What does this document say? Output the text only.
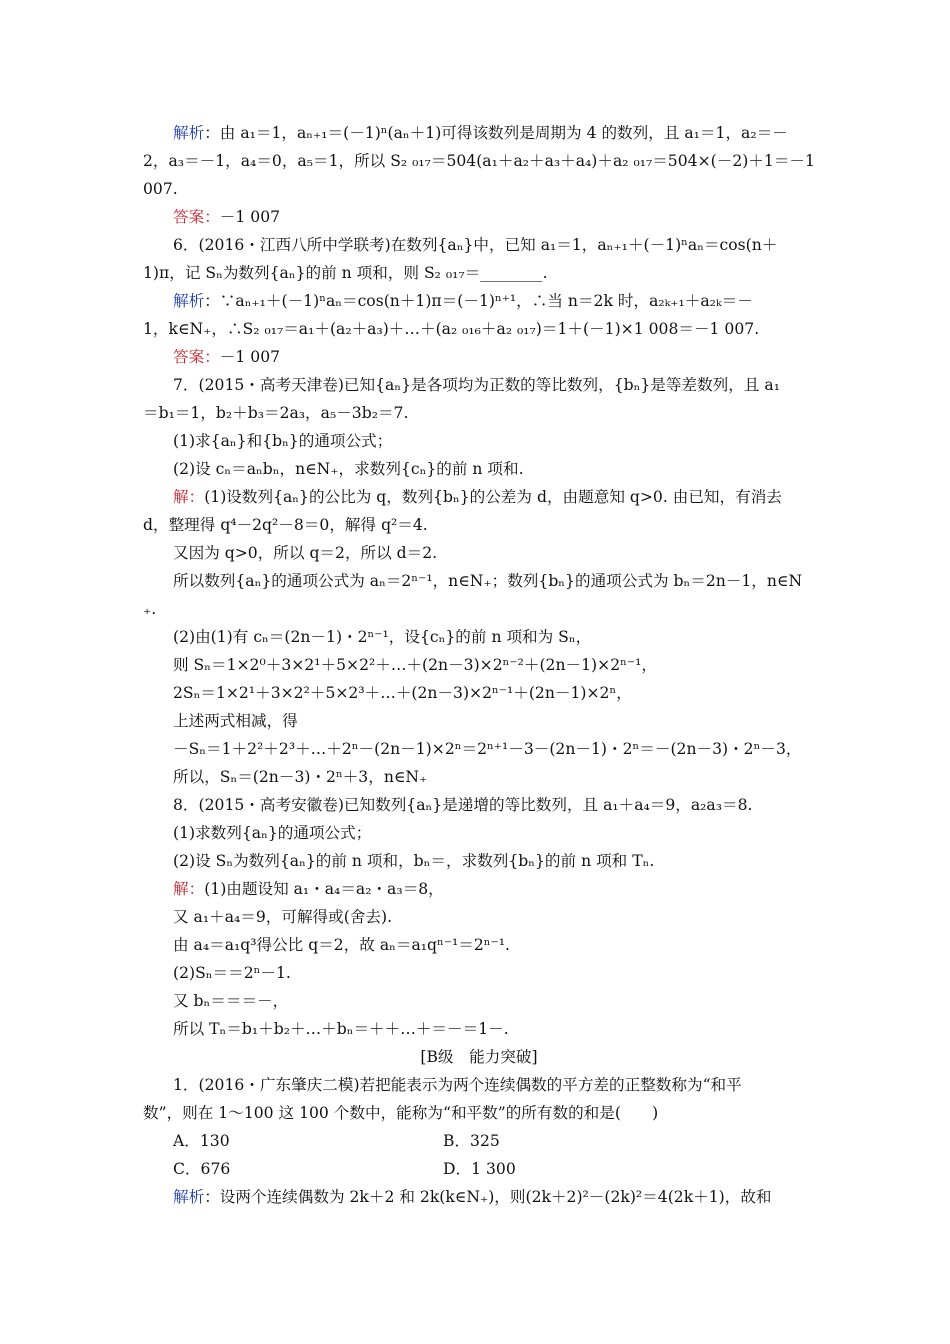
解析：由 a₁＝1，aₙ₊₁＝(－1)ⁿ(aₙ＋1)可得该数列是周期为 4 的数列，且 a₁＝1，a₂＝－
2，a₃＝－1，a₄＝0，a₅＝1，所以 S₂ ₀₁₇＝504(a₁＋a₂＋a₃＋a₄)＋a₂ ₀₁₇＝504×(－2)＋1＝－1
007.
答案：－1 007
6．(2016・江西八所中学联考)在数列{aₙ}中，已知 a₁＝1，aₙ₊₁＋(－1)ⁿaₙ＝cos(n＋
1)π，记 Sₙ为数列{aₙ}的前 n 项和，则 S₂ ₀₁₇＝________.
解析：∵aₙ₊₁＋(－1)ⁿaₙ＝cos(n＋1)π＝(－1)ⁿ⁺¹，∴当 n＝2k 时，a₂ₖ₊₁＋a₂ₖ＝－
1，k∈N₊，∴S₂ ₀₁₇＝a₁＋(a₂＋a₃)＋…＋(a₂ ₀₁₆＋a₂ ₀₁₇)＝1＋(－1)×1 008＝－1 007.
答案：－1 007
7．(2015・高考天津卷)已知{aₙ}是各项均为正数的等比数列，{bₙ}是等差数列，且 a₁
＝b₁＝1，b₂＋b₃＝2a₃，a₅－3b₂＝7.
(1)求{aₙ}和{bₙ}的通项公式；
(2)设 cₙ＝aₙbₙ，n∈N₊，求数列{cₙ}的前 n 项和.
解：(1)设数列{aₙ}的公比为 q，数列{bₙ}的公差为 d，由题意知 q>0. 由已知，有消去
d，整理得 q⁴－2q²－8＝0，解得 q²＝4.
又因为 q>0，所以 q＝2，所以 d＝2.
所以数列{aₙ}的通项公式为 aₙ＝2ⁿ⁻¹，n∈N₊；数列{bₙ}的通项公式为 bₙ＝2n－1，n∈N
₊.
(2)由(1)有 cₙ＝(2n－1)・2ⁿ⁻¹，设{cₙ}的前 n 项和为 Sₙ，
则 Sₙ＝1×2⁰＋3×2¹＋5×2²＋…＋(2n－3)×2ⁿ⁻²＋(2n－1)×2ⁿ⁻¹，
2Sₙ＝1×2¹＋3×2²＋5×2³＋…＋(2n－3)×2ⁿ⁻¹＋(2n－1)×2ⁿ，
上述两式相减，得
－Sₙ＝1＋2²＋2³＋…＋2ⁿ－(2n－1)×2ⁿ＝2ⁿ⁺¹－3－(2n－1)・2ⁿ＝－(2n－3)・2ⁿ－3，
所以，Sₙ＝(2n－3)・2ⁿ＋3，n∈N₊
8．(2015・高考安徽卷)已知数列{aₙ}是递增的等比数列，且 a₁＋a₄＝9，a₂a₃＝8.
(1)求数列{aₙ}的通项公式；
(2)设 Sₙ为数列{aₙ}的前 n 项和，bₙ＝，求数列{bₙ}的前 n 项和 Tₙ.
解：(1)由题设知 a₁・a₄＝a₂・a₃＝8，
又 a₁＋a₄＝9，可解得或(舍去).
由 a₄＝a₁q³得公比 q＝2，故 aₙ＝a₁qⁿ⁻¹＝2ⁿ⁻¹.
(2)Sₙ＝＝2ⁿ－1.
又 bₙ＝＝＝－，
所以 Tₙ＝b₁＋b₂＋…＋bₙ＝＋＋…＋＝－＝1－.
[B级　能力突破]
1．(2016・广东肇庆二模)若把能表示为两个连续偶数的平方差的正整数称为“和平
数”，则在 1～100 这 100 个数中，能称为“和平数”的所有数的和是(　　)
A．130	B．325
C．676	D．1 300
解析：设两个连续偶数为 2k＋2 和 2k(k∈N₊)，则(2k＋2)²－(2k)²＝4(2k＋1)，故和
